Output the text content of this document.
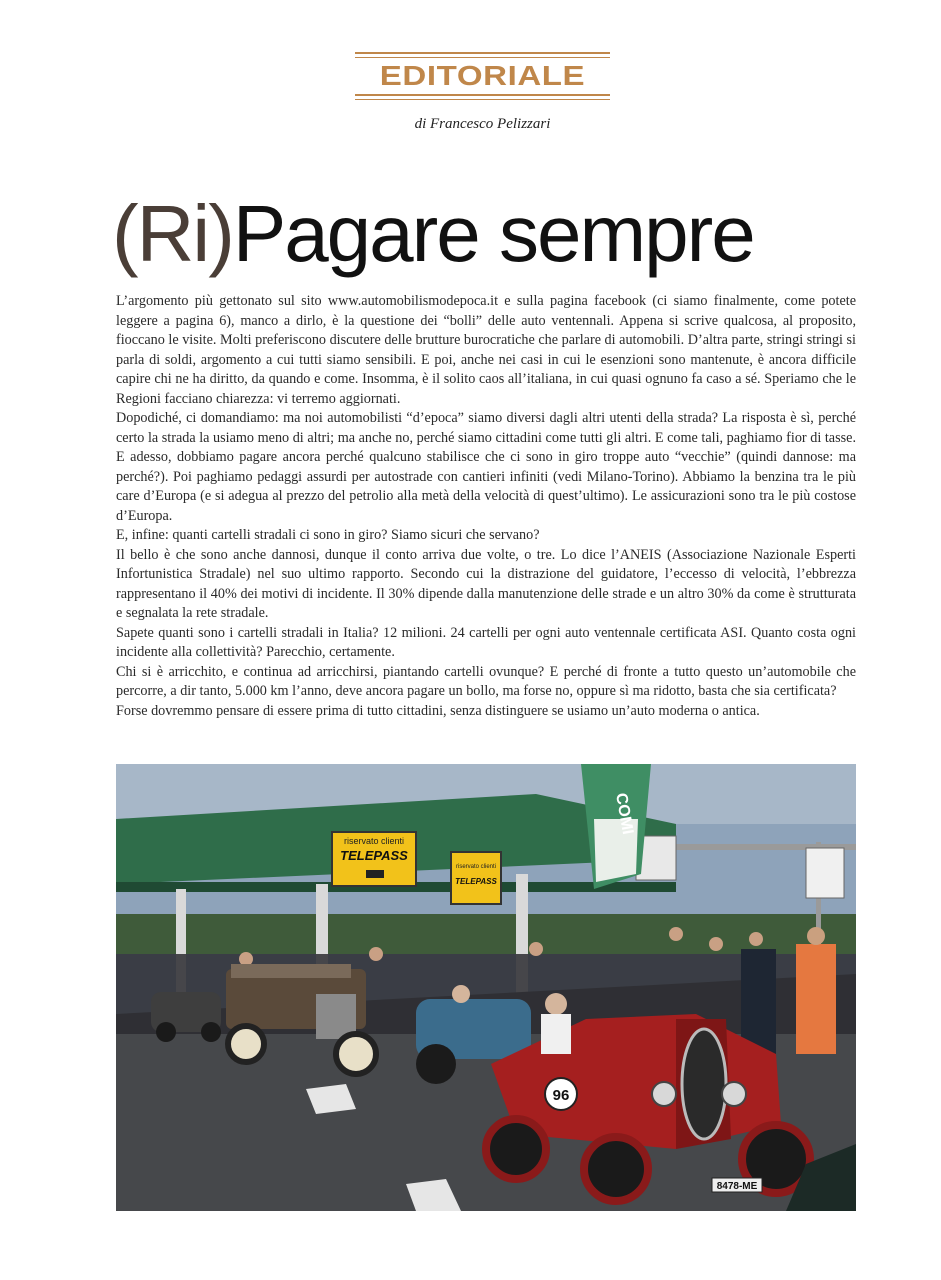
EDITORIALE
di Francesco Pelizzari
(Ri)Pagare sempre

L’argomento più gettonato sul sito www.automobilismodepoca.it e sulla pagina facebook (ci siamo finalmente, come potete leggere a pagina 6), manco a dirlo, è la questione dei “bolli” delle auto ventennali. Appena si scrive qualcosa, al proposito, fioccano le visite. Molti preferiscono discutere delle brutture burocratiche che parlare di automobili. D’altra parte, stringi stringi si parla di soldi, argomento a cui tutti siamo sensibili. E poi, anche nei casi in cui le esenzioni sono mantenute, è ancora difficile capire chi ne ha diritto, da quando e come. Insomma, è il solito caos all’italiana, in cui quasi ognuno fa caso a sé. Speriamo che le Regioni facciano chiarezza: vi terremo aggiornati.

Dopodiché, ci domandiamo: ma noi automobilisti “d’epoca” siamo diversi dagli altri utenti della strada? La risposta è sì, perché certo la strada la usiamo meno di altri; ma anche no, perché siamo cittadini come tutti gli altri. E come tali, paghiamo fior di tasse. E adesso, dobbiamo pagare ancora perché qualcuno stabilisce che ci sono in giro troppe auto “vecchie” (quindi dannose: ma perché?). Poi paghiamo pedaggi assurdi per autostrade con cantieri infiniti (vedi Milano-Torino). Abbiamo la benzina tra le più care d’Europa (e si adegua al prezzo del petrolio alla metà della velocità di quest’ultimo). Le assicurazioni sono tra le più costose d’Europa.

E, infine: quanti cartelli stradali ci sono in giro? Siamo sicuri che servano?

Il bello è che sono anche dannosi, dunque il conto arriva due volte, o tre. Lo dice l’ANEIS (Associazione Nazionale Esperti Infortunistica Stradale) nel suo ultimo rapporto. Secondo cui la distrazione del guidatore, l’eccesso di velocità, l’ebbrezza rappresentano il 40% dei motivi di incidente. Il 30% dipende dalla manutenzione delle strade e un altro 30% da come è strutturata e segnalata la rete stradale.

Sapete quanti sono i cartelli stradali in Italia? 12 milioni. 24 cartelli per ogni auto ventennale certificata ASI. Quanto costa ogni incidente alla collettività? Parecchio, certamente.

Chi si è arricchito, e continua ad arricchirsi, piantando cartelli ovunque? E perché di fronte a tutto questo un’automobile che percorre, a dir tanto, 5.000 km l’anno, deve ancora pagare un bollo, ma forse no, oppure sì ma ridotto, basta che sia certificata?

Forse dovremmo pensare di essere prima di tutto cittadini, senza distinguere se usiamo un’auto moderna o antica.

riservato clienti
TELEPASS
riservato clienti
TELEPASS
COMI
96
8478-ME
